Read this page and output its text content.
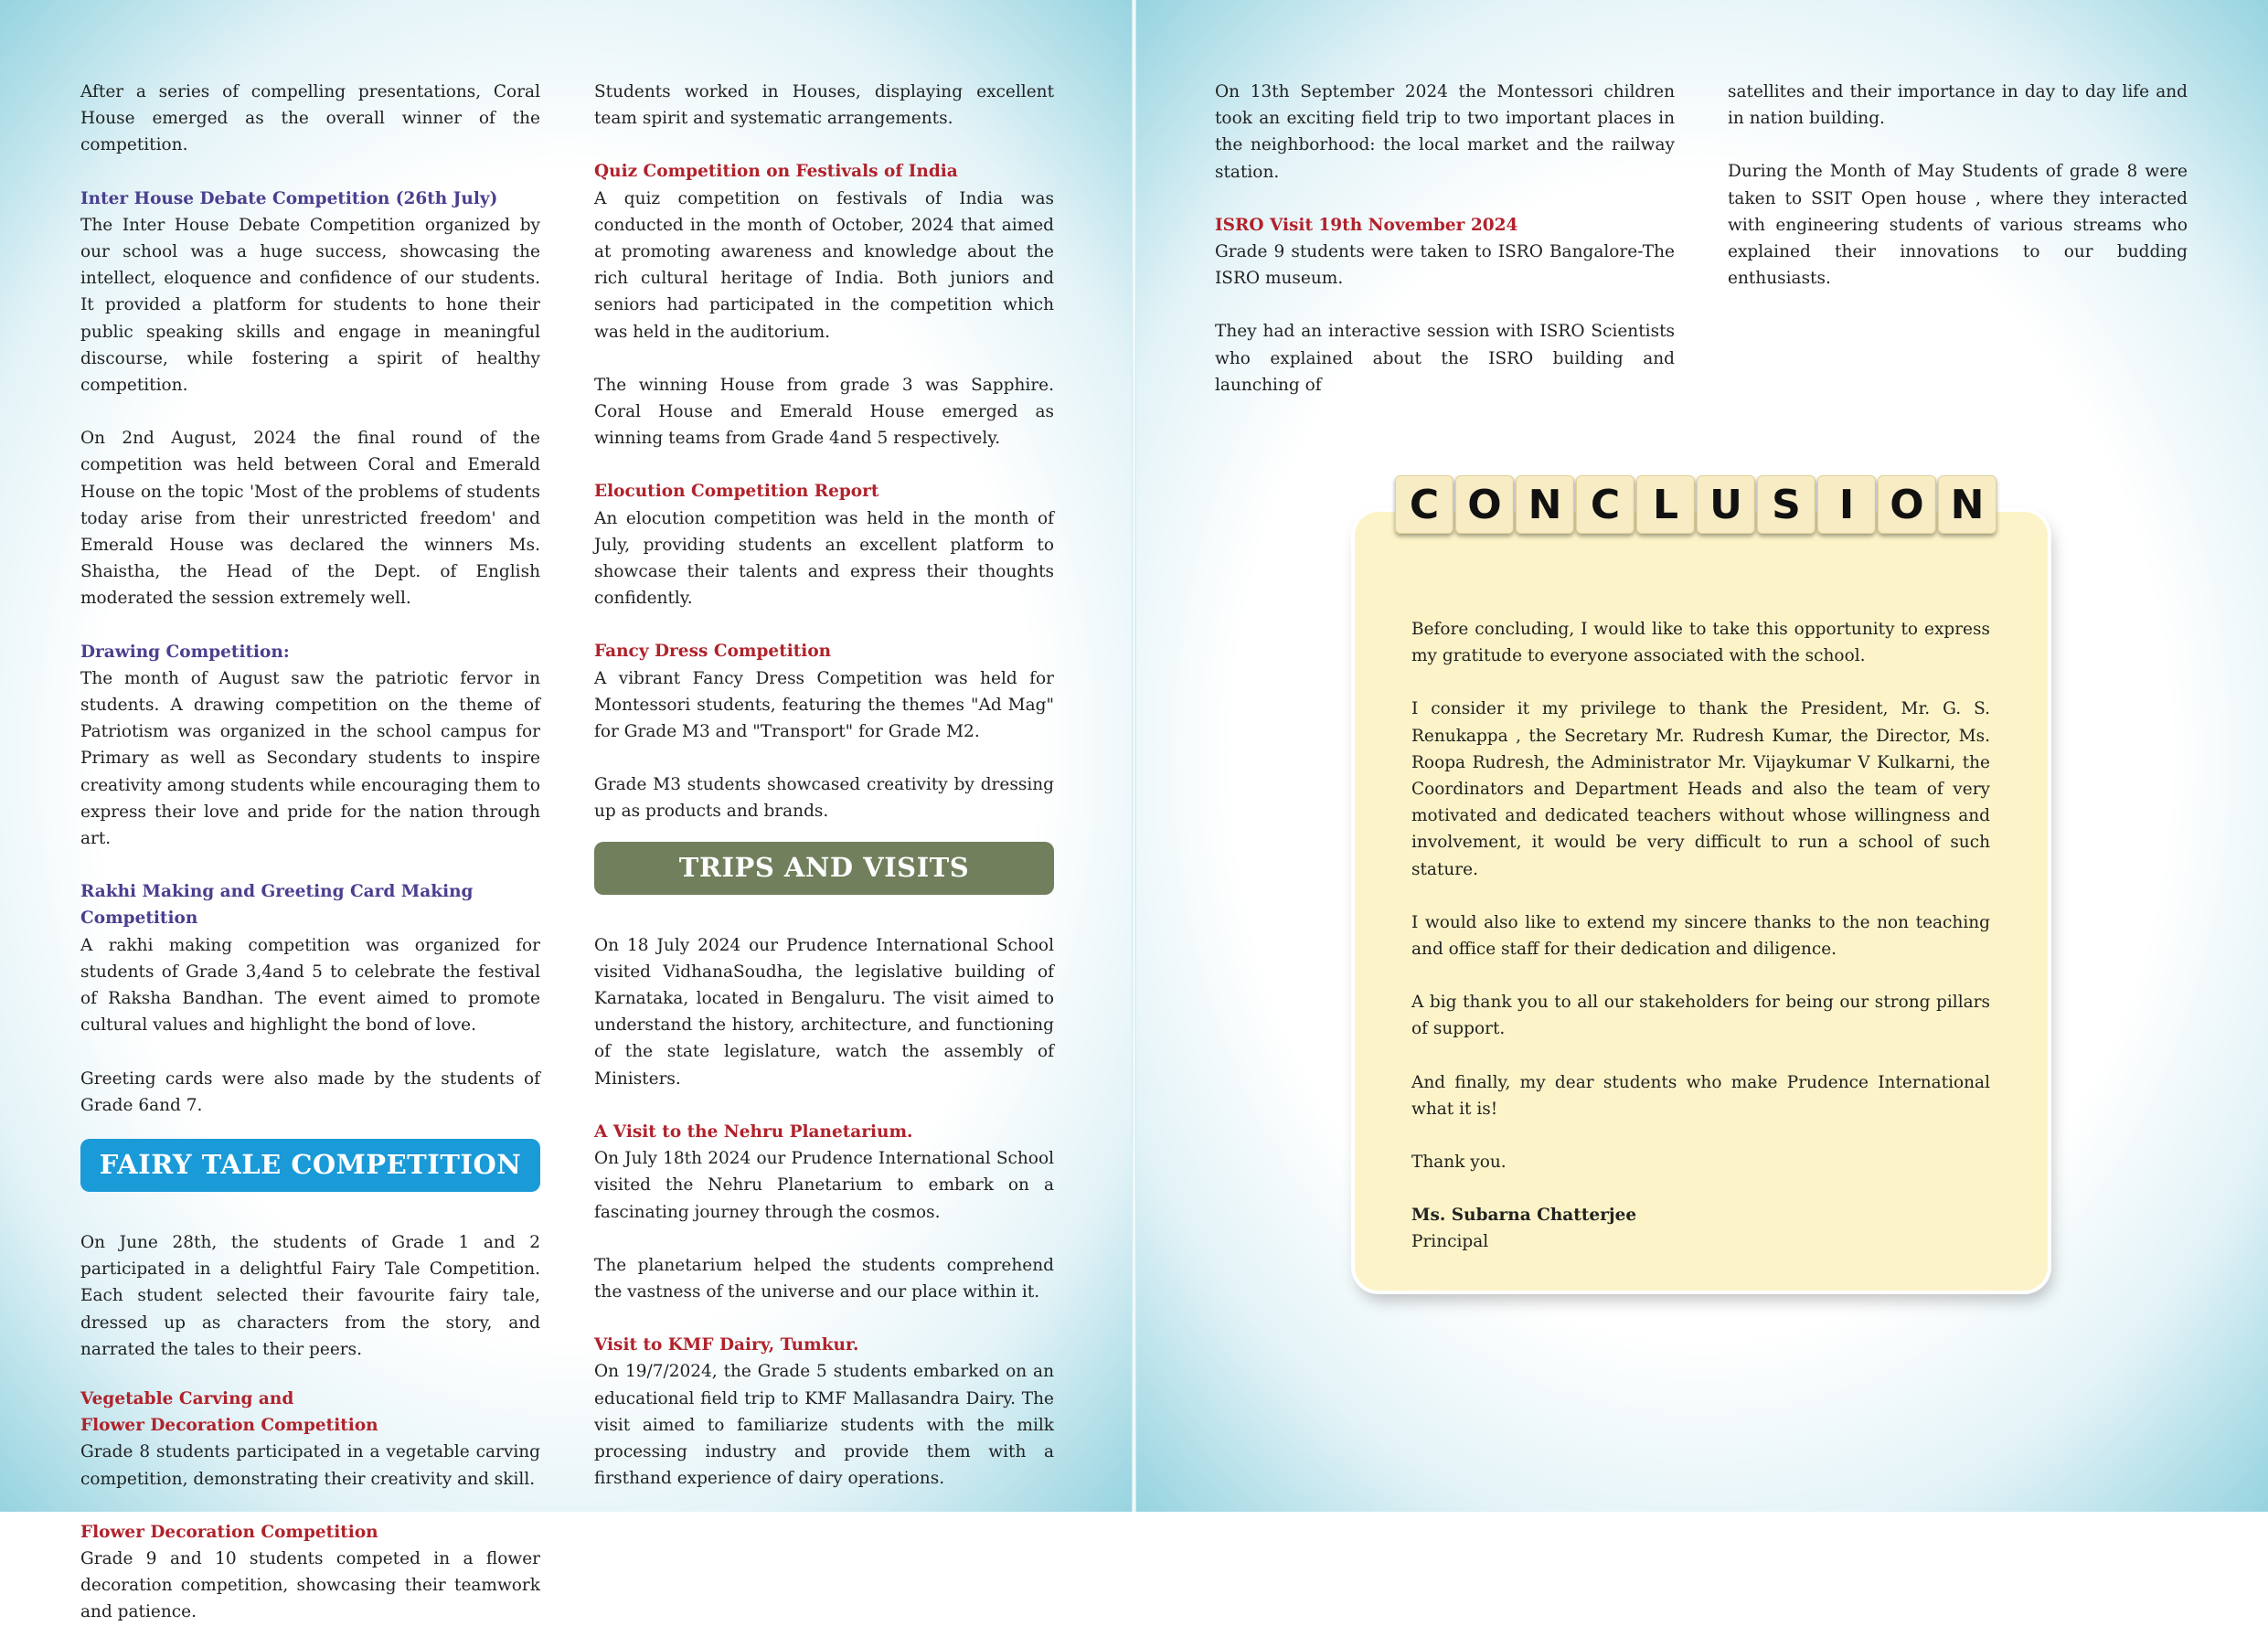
After a series of compelling presentations, Coral House emerged as the overall winner of the competition.

Inter House Debate Competition (26th July)

The Inter House Debate Competition organized by our school was a huge success, showcasing the intellect, eloquence and confidence of our students. It provided a platform for students to hone their public speaking skills and engage in meaningful discourse, while fostering a spirit of healthy competition.

On 2nd August, 2024 the final round of the competition was held between Coral and Emerald House on the topic 'Most of the problems of students today arise from their unrestricted freedom' and Emerald House was declared the winners Ms. Shaistha, the Head of the Dept. of English moderated the session extremely well.

Drawing Competition:

The month of August saw the patriotic fervor in students. A drawing competition on the theme of Patriotism was organized in the school campus for Primary as well as Secondary students to inspire creativity among students while encouraging them to express their love and pride for the nation through art.

Rakhi Making and Greeting Card Making Competition

A rakhi making competition was organized for students of Grade 3,4and 5 to celebrate the festival of Raksha Bandhan. The event aimed to promote cultural values and highlight the bond of love.

Greeting cards were also made by the students of Grade 6and 7.

FAIRY TALE COMPETITION

On June 28th, the students of Grade 1 and 2 participated in a delightful Fairy Tale Competition. Each student selected their favourite fairy tale, dressed up as characters from the story, and narrated the tales to their peers.

Vegetable Carving and
Flower Decoration Competition

Grade 8 students participated in a vegetable carving competition, demonstrating their creativity and skill.

Flower Decoration Competition

Grade 9 and 10 students competed in a flower decoration competition, showcasing their teamwork and patience.

Students worked in Houses, displaying excellent team spirit and systematic arrangements.

Quiz Competition on Festivals of India

A quiz competition on festivals of India was conducted in the month of October, 2024 that aimed at promoting awareness and knowledge about the rich cultural heritage of India. Both juniors and seniors had participated in the competition which was held in the auditorium.

The winning House from grade 3 was Sapphire. Coral House and Emerald House emerged as winning teams from Grade 4and 5 respectively.

Elocution Competition Report

An elocution competition was held in the month of July, providing students an excellent platform to showcase their talents and express their thoughts confidently.

Fancy Dress Competition

A vibrant Fancy Dress Competition was held for Montessori students, featuring the themes "Ad Mag" for Grade M3 and "Transport" for Grade M2.

Grade M3 students showcased creativity by dressing up as products and brands.

TRIPS AND VISITS

On 18 July 2024 our Prudence International School visited VidhanaSoudha, the legislative building of Karnataka, located in Bengaluru. The visit aimed to understand the history, architecture, and functioning of the state legislature, watch the assembly of Ministers.

A Visit to the Nehru Planetarium.

On July 18th 2024 our Prudence International School visited the Nehru Planetarium to embark on a fascinating journey through the cosmos.

The planetarium helped the students comprehend the vastness of the universe and our place within it.

Visit to KMF Dairy, Tumkur.

On 19/7/2024, the Grade 5 students embarked on an educational field trip to KMF Mallasandra Dairy. The visit aimed to familiarize students with the milk processing industry and provide them with a firsthand experience of dairy operations.

On 13th September 2024 the Montessori children took an exciting field trip to two important places in the neighborhood: the local market and the railway station.

ISRO Visit 19th November 2024

Grade 9 students were taken to ISRO Bangalore-The ISRO museum.

They had an interactive session with ISRO Scientists who explained about the ISRO building and launching of

satellites and their importance in day to day life and in nation building.

During the Month of May Students of grade 8 were taken to SSIT Open house , where they interacted with engineering students of various streams who explained their innovations to our budding enthusiasts.

C O N C L U S I O N

Before concluding, I would like to take this opportunity to express my gratitude to everyone associated with the school.

I consider it my privilege to thank the President, Mr. G. S. Renukappa , the Secretary Mr. Rudresh Kumar, the Director, Ms. Roopa Rudresh, the Administrator Mr. Vijaykumar V Kulkarni, the Coordinators and Department Heads and also the team of very motivated and dedicated teachers without whose willingness and involvement, it would be very difficult to run a school of such stature.

I would also like to extend my sincere thanks to the non teaching and office staff for their dedication and diligence.

A big thank you to all our stakeholders for being our strong pillars of support.

And finally, my dear students who make Prudence International what it is!

Thank you.

Ms. Subarna Chatterjee
Principal
